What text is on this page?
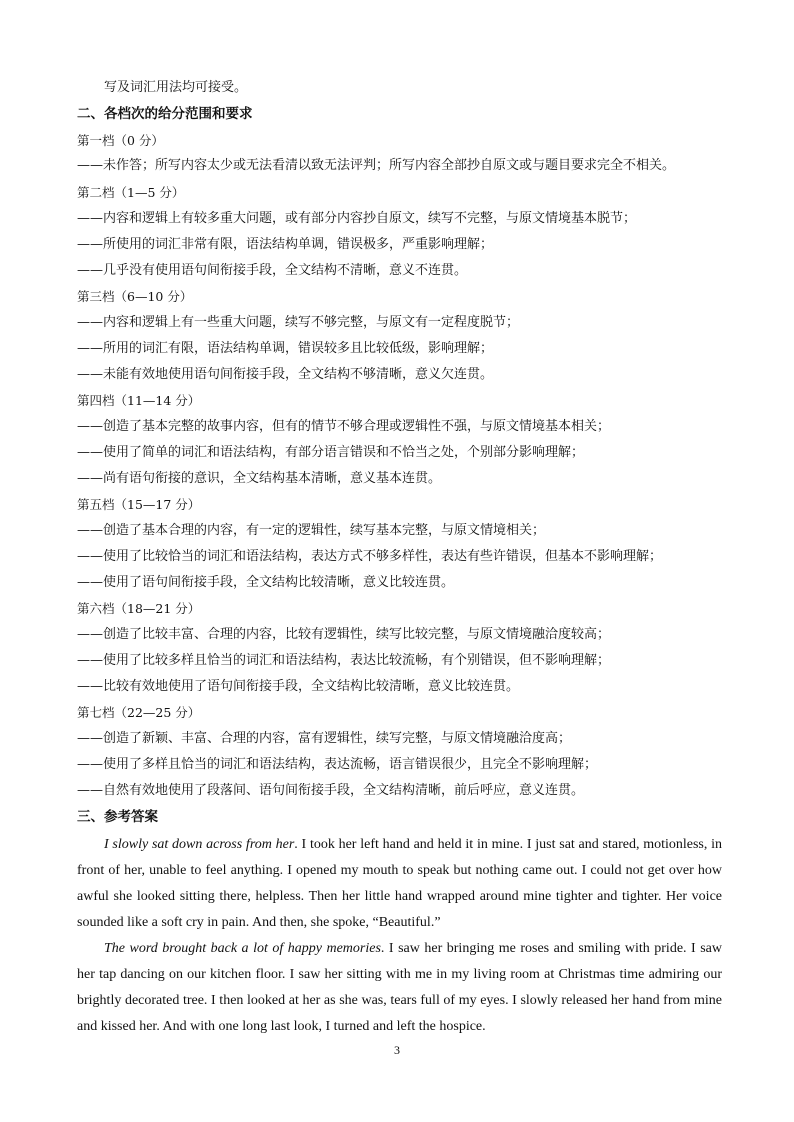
写及词汇用法均可接受。
二、各档次的给分范围和要求
第一档（0 分）
——未作答；所写内容太少或无法看清以致无法评判；所写内容全部抄自原文或与题目要求完全不相关。
第二档（1—5 分）
——内容和逻辑上有较多重大问题，或有部分内容抄自原文，续写不完整，与原文情境基本脱节；
——所使用的词汇非常有限，语法结构单调，错误极多，严重影响理解；
——几乎没有使用语句间衔接手段，全文结构不清晰，意义不连贯。
第三档（6—10 分）
——内容和逻辑上有一些重大问题，续写不够完整，与原文有一定程度脱节；
——所用的词汇有限，语法结构单调，错误较多且比较低级，影响理解；
——未能有效地使用语句间衔接手段，全文结构不够清晰，意义欠连贯。
第四档（11—14 分）
——创造了基本完整的故事内容，但有的情节不够合理或逻辑性不强，与原文情境基本相关；
——使用了简单的词汇和语法结构，有部分语言错误和不恰当之处，个别部分影响理解；
——尚有语句衔接的意识，全文结构基本清晰，意义基本连贯。
第五档（15—17 分）
——创造了基本合理的内容，有一定的逻辑性，续写基本完整，与原文情境相关；
——使用了比较恰当的词汇和语法结构，表达方式不够多样性，表达有些许错误，但基本不影响理解；
——使用了语句间衔接手段，全文结构比较清晰，意义比较连贯。
第六档（18—21 分）
——创造了比较丰富、合理的内容，比较有逻辑性，续写比较完整，与原文情境融洽度较高；
——使用了比较多样且恰当的词汇和语法结构，表达比较流畅，有个别错误，但不影响理解；
——比较有效地使用了语句间衔接手段，全文结构比较清晰，意义比较连贯。
第七档（22—25 分）
——创造了新颖、丰富、合理的内容，富有逻辑性，续写完整，与原文情境融洽度高；
——使用了多样且恰当的词汇和语法结构，表达流畅，语言错误很少，且完全不影响理解；
——自然有效地使用了段落间、语句间衔接手段，全文结构清晰，前后呼应，意义连贯。
三、参考答案

I slowly sat down across from her. I took her left hand and held it in mine. I just sat and stared, motionless, in front of her, unable to feel anything. I opened my mouth to speak but nothing came out. I could not get over how awful she looked sitting there, helpless. Then her little hand wrapped around mine tighter and tighter. Her voice sounded like a soft cry in pain. And then, she spoke, “Beautiful.”

The word brought back a lot of happy memories. I saw her bringing me roses and smiling with pride. I saw her tap dancing on our kitchen floor. I saw her sitting with me in my living room at Christmas time admiring our brightly decorated tree. I then looked at her as she was, tears full of my eyes. I slowly released her hand from mine and kissed her. And with one long last look, I turned and left the hospice.

3
